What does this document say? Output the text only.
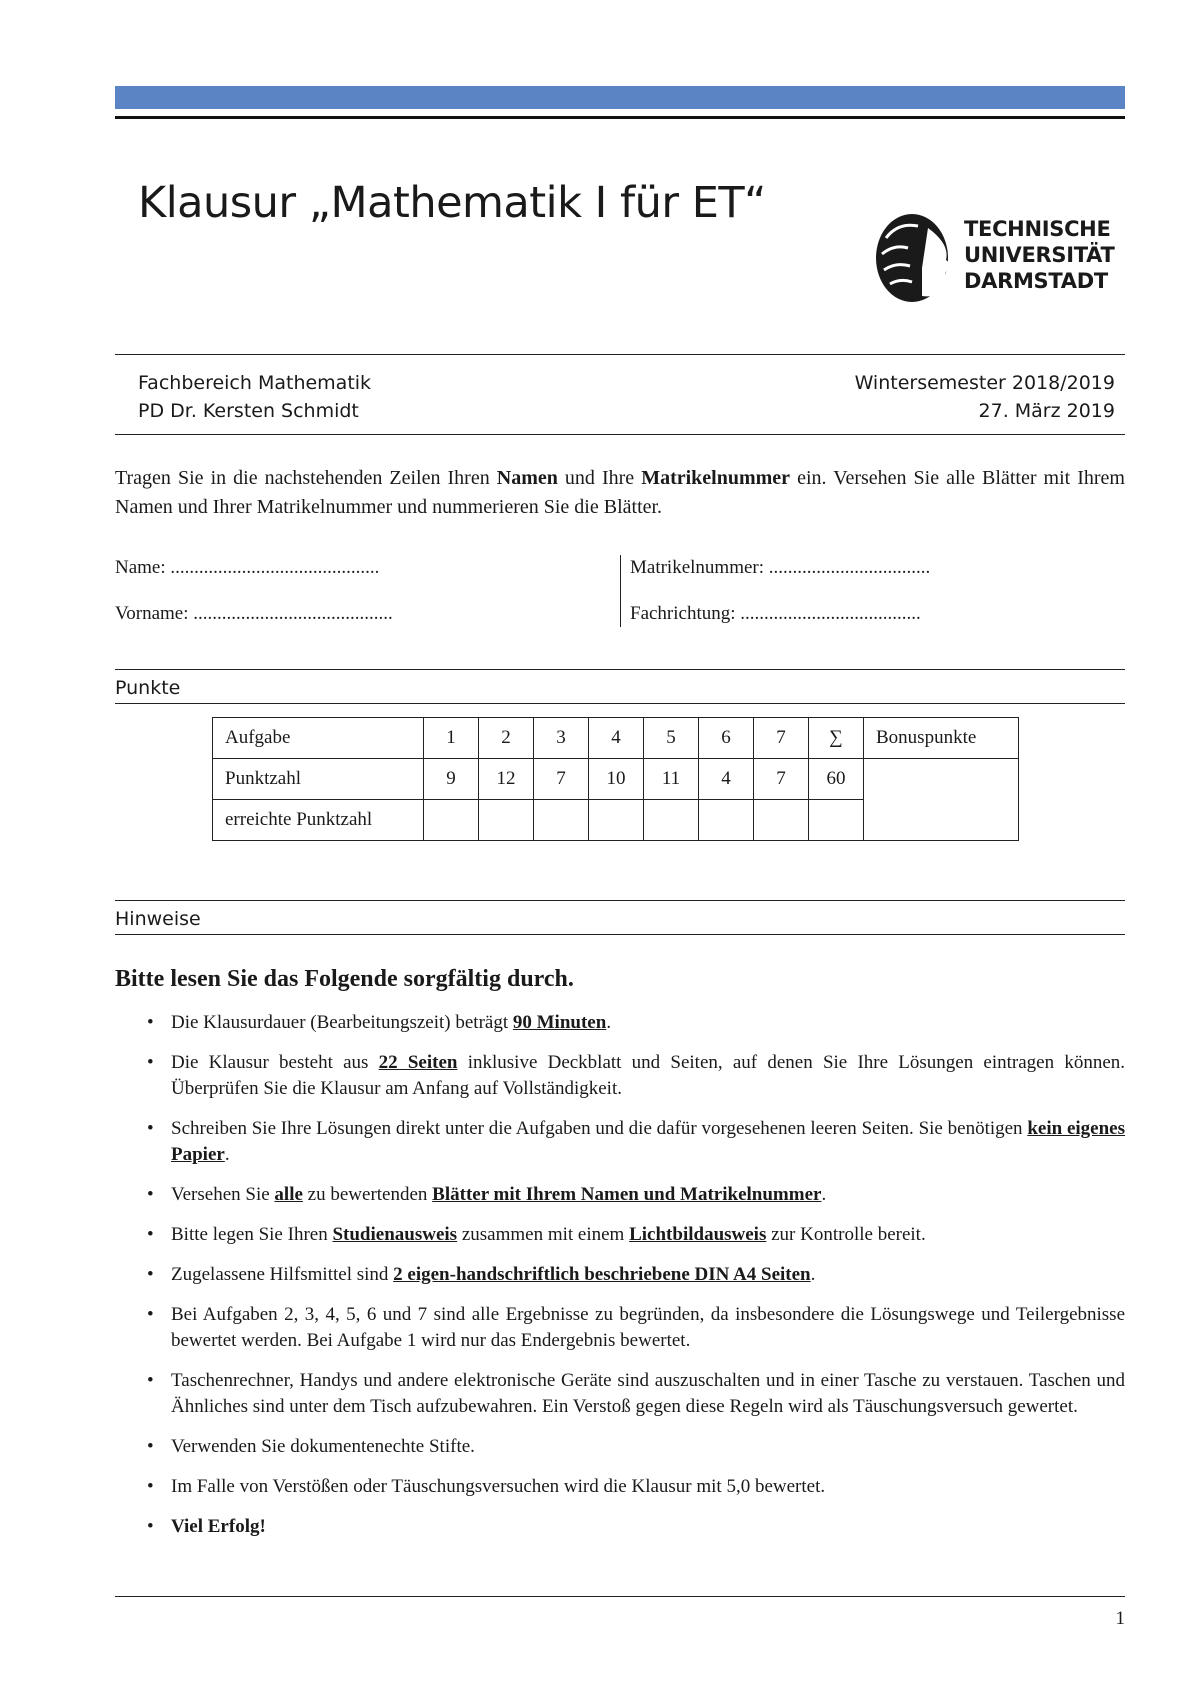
Klausur „Mathematik I für ET“
TECHNISCHE
UNIVERSITÄT
DARMSTADT
Fachbereich Mathematik
PD Dr. Kersten Schmidt
Wintersemester 2018/2019
27. März 2019
Tragen Sie in die nachstehenden Zeilen Ihren Namen und Ihre Matrikelnummer ein. Versehen Sie alle Blätter mit Ihrem Namen und Ihrer Matrikelnummer und nummerieren Sie die Blätter.
Name: ............................................
Vorname: ..........................................
Matrikelnummer: ..................................
Fachrichtung: ......................................
Punkte
Aufgabe	1	2	3	4	5	6	7	∑	Bonuspunkte
Punktzahl	9	12	7	10	11	4	7	60	
erreichte Punktzahl									
Hinweise
Bitte lesen Sie das Folgende sorgfältig durch.
• Die Klausurdauer (Bearbeitungszeit) beträgt 90 Minuten.
• Die Klausur besteht aus 22 Seiten inklusive Deckblatt und Seiten, auf denen Sie Ihre Lösungen eintragen können. Überprüfen Sie die Klausur am Anfang auf Vollständigkeit.
• Schreiben Sie Ihre Lösungen direkt unter die Aufgaben und die dafür vorgesehenen leeren Seiten. Sie benötigen kein eigenes Papier.
• Versehen Sie alle zu bewertenden Blätter mit Ihrem Namen und Matrikelnummer.
• Bitte legen Sie Ihren Studienausweis zusammen mit einem Lichtbildausweis zur Kontrolle bereit.
• Zugelassene Hilfsmittel sind 2 eigen-handschriftlich beschriebene DIN A4 Seiten.
• Bei Aufgaben 2, 3, 4, 5, 6 und 7 sind alle Ergebnisse zu begründen, da insbesondere die Lösungswege und Teilergebnisse bewertet werden. Bei Aufgabe 1 wird nur das Endergebnis bewertet.
• Taschenrechner, Handys und andere elektronische Geräte sind auszuschalten und in einer Tasche zu verstauen. Taschen und Ähnliches sind unter dem Tisch aufzubewahren. Ein Verstoß gegen diese Regeln wird als Täuschungsversuch gewertet.
• Verwenden Sie dokumentenechte Stifte.
• Im Falle von Verstößen oder Täuschungsversuchen wird die Klausur mit 5,0 bewertet.
• Viel Erfolg!
1
